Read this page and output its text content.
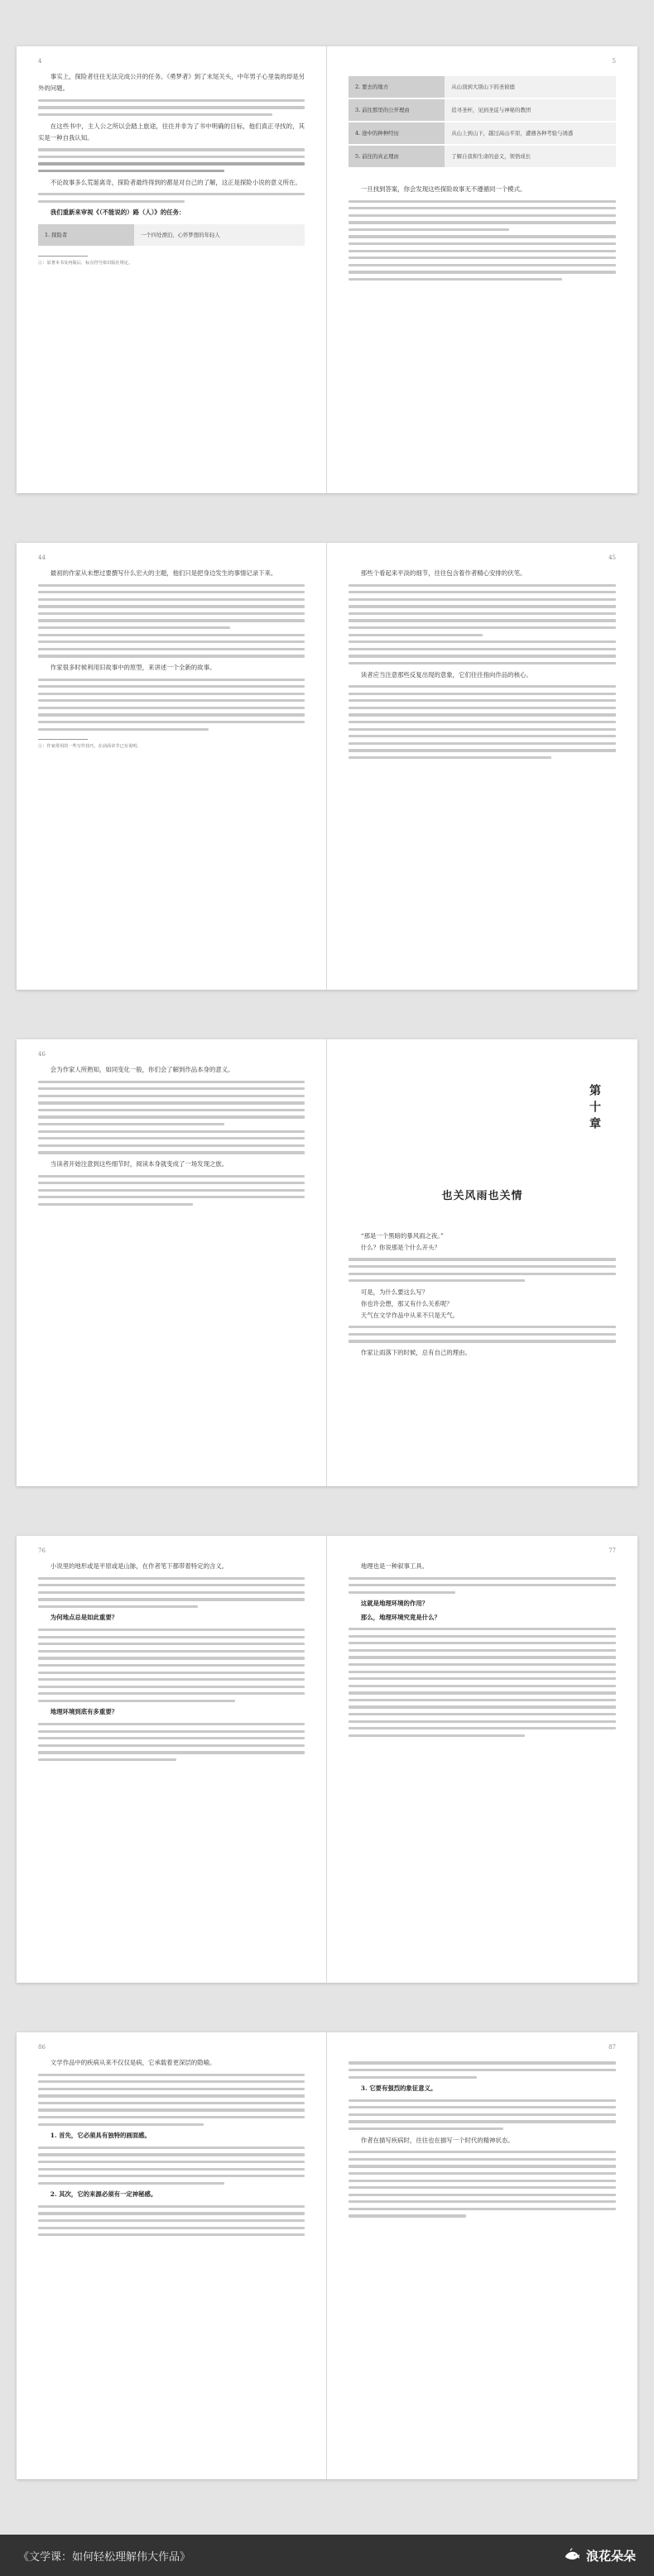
4

事实上，探险者往往无法完成公开的任务。《勇梦者》到了末尾关头，中年男子心里装的却是另外的问题。

在这些书中，主人公之所以会踏上旅途，往往并非为了书中明确的目标，他们真正寻找的，其实是一种自我认知。

不论故事多么荒诞离奇，探险者最终得到的都是对自己的了解，这正是探险小说的意义所在。

我们重新来审视《（不能说的）路（人）》的任务：

1. 探险者	一个四处漂泊、心怀梦想的年轻人

①：原著本书及再版后，标点符号依出版社规定。

5
2. 要去的地方	从山顶到大别山下的圣彼德
3. 前往那里的公开理由	追寻圣杯，见到圣徒与神秘的教团
4. 途中的种种经历	从山上到山下，越过高山平原，遭遇各种考验与诱惑
5. 前往的真正理由	了解自我和生命的意义，领悟成长

一旦找到答案，你会发现这些探险故事无不遵循同一个模式。

44

最初的作家从未想过要撰写什么宏大的主题，他们只是把身边发生的事情记录下来。

作家很多时候利用旧故事中的原型，来讲述一个全新的故事。

①：作家常用的一些写作技巧，在前面章节已有说明。

45

那些个看起来平淡的细节，往往包含着作者精心安排的伏笔。

读者应当注意那些反复出现的意象，它们往往指向作品的核心。

46

会为作家人所熟知，如同变化一般，你们会了解到作品本身的意义。

当读者开始注意到这些细节时，阅读本身就变成了一场发现之旅。

第十章
也关风雨也关情

“那是一个黑暗的暴风雨之夜。”

什么？你说那是个什么开头？

可是，为什么要这么写？

你也许会想，那又有什么关系呢？

天气在文学作品中从来不只是天气。

作家让雨落下的时候，总有自己的理由。

76

小说里的地形或是平原或是山脉，在作者笔下都带着特定的含义。

为何地点总是如此重要？

地理环境到底有多重要？

77

地理也是一种叙事工具。

这就是地理环境的作用？

那么，地理环境究竟是什么？

86

文学作品中的疾病从来不仅仅是病，它承载着更深层的隐喻。

1. 首先，它必须具有独特的画面感。

2. 其次，它的来源必须有一定神秘感。

87

3. 它要有强烈的象征意义。

作者在描写疾病时，往往也在描写一个时代的精神状态。

《文学课：如何轻松理解伟大作品》	浪花朵朵
